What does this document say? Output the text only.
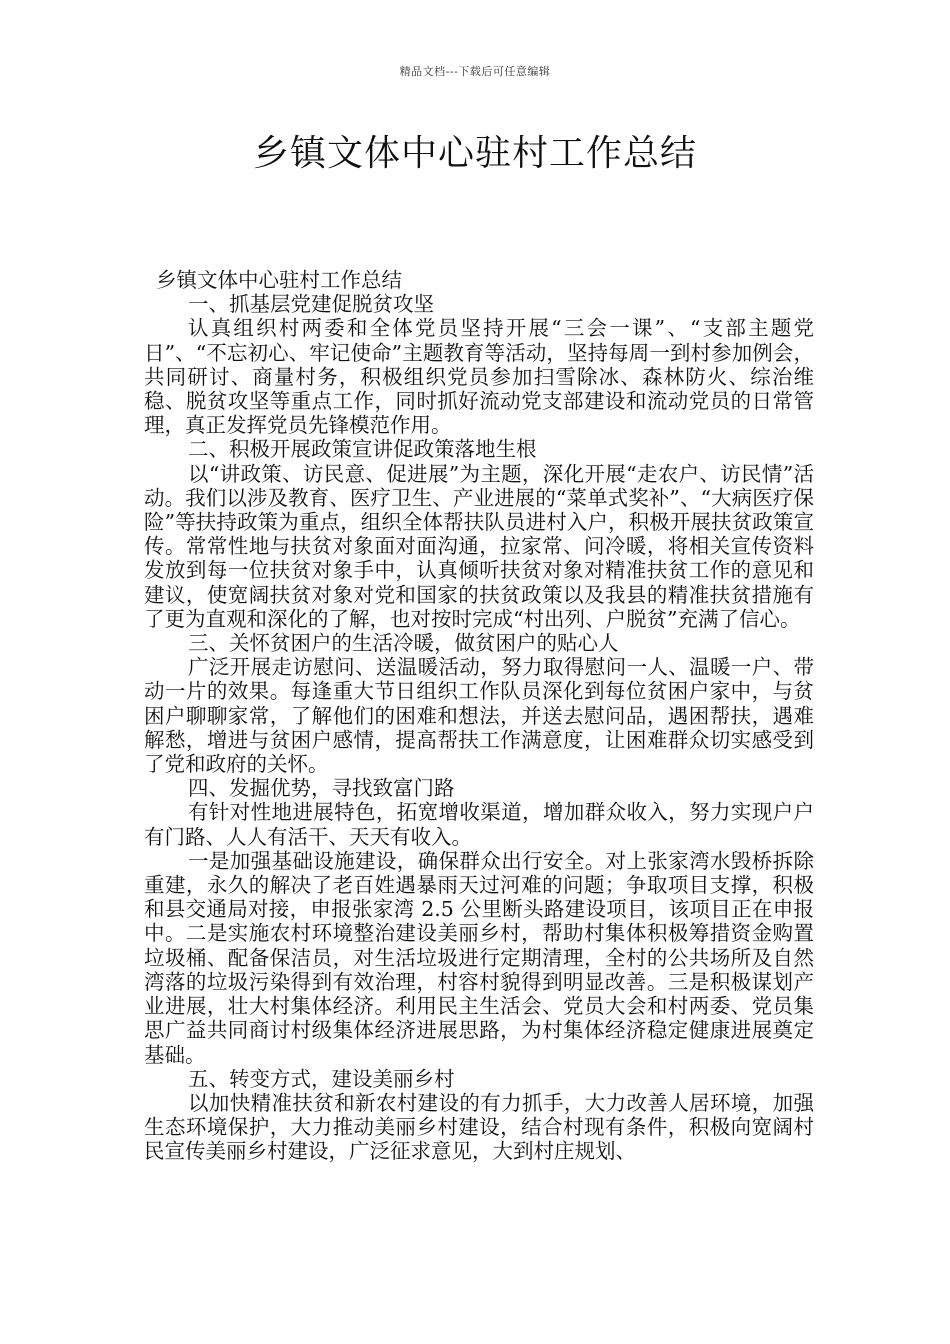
精品文档---下载后可任意编辑
乡镇文体中心驻村工作总结

乡镇文体中心驻村工作总结

一、抓基层党建促脱贫攻坚

认真组织村两委和全体党员坚持开展“三会一课”、“支部主题党日”、“不忘初心、牢记使命”主题教育等活动，坚持每周一到村参加例会，共同研讨、商量村务，积极组织党员参加扫雪除冰、森林防火、综治维稳、脱贫攻坚等重点工作，同时抓好流动党支部建设和流动党员的日常管理，真正发挥党员先锋模范作用。

二、积极开展政策宣讲促政策落地生根

以“讲政策、访民意、促进展”为主题，深化开展“走农户、访民情”活动。我们以涉及教育、医疗卫生、产业进展的“菜单式奖补”、“大病医疗保险”等扶持政策为重点，组织全体帮扶队员进村入户，积极开展扶贫政策宣传。常常性地与扶贫对象面对面沟通，拉家常、问冷暖，将相关宣传资料发放到每一位扶贫对象手中，认真倾听扶贫对象对精准扶贫工作的意见和建议，使宽阔扶贫对象对党和国家的扶贫政策以及我县的精准扶贫措施有了更为直观和深化的了解，也对按时完成“村出列、户脱贫”充满了信心。

三、关怀贫困户的生活冷暖，做贫困户的贴心人

广泛开展走访慰问、送温暖活动，努力取得慰问一人、温暖一户、带动一片的效果。每逢重大节日组织工作队员深化到每位贫困户家中，与贫困户聊聊家常，了解他们的困难和想法，并送去慰问品，遇困帮扶，遇难解愁，增进与贫困户感情，提高帮扶工作满意度，让困难群众切实感受到了党和政府的关怀。

四、发掘优势，寻找致富门路

有针对性地进展特色，拓宽增收渠道，增加群众收入，努力实现户户有门路、人人有活干、天天有收入。

一是加强基础设施建设，确保群众出行安全。对上张家湾水毁桥拆除重建，永久的解决了老百姓遇暴雨天过河难的问题；争取项目支撑，积极和县交通局对接，申报张家湾 2.5 公里断头路建设项目，该项目正在申报中。二是实施农村环境整治建设美丽乡村，帮助村集体积极筹措资金购置垃圾桶、配备保洁员，对生活垃圾进行定期清理，全村的公共场所及自然湾落的垃圾污染得到有效治理，村容村貌得到明显改善。三是积极谋划产业进展，壮大村集体经济。利用民主生活会、党员大会和村两委、党员集思广益共同商讨村级集体经济进展思路，为村集体经济稳定健康进展奠定基础。

五、转变方式，建设美丽乡村

以加快精准扶贫和新农村建设的有力抓手，大力改善人居环境，加强生态环境保护，大力推动美丽乡村建设，结合村现有条件，积极向宽阔村民宣传美丽乡村建设，广泛征求意见，大到村庄规划、
